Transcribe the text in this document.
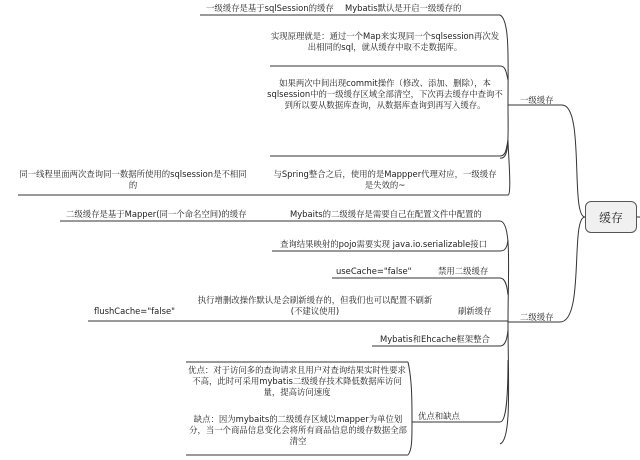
缓存
一级缓存
二级缓存
一级缓存是基于sqlSession的缓存 Mybatis默认是开启一级缓存的
实现原理就是：通过一个Map来实现同一个sqlsession再次发出相同的sql，就从缓存中取不走数据库。
如果两次中间出现commit操作（修改、添加、删除），本sqlsession中的一级缓存区域全部清空，下次再去缓存中查询不到所以要从数据库查询，从数据库查询到再写入缓存。
与Spring整合之后，使用的是Mappper代理对应，一级缓存是失效的~
同一线程里面两次查询同一数据所使用的sqlsession是不相同的
二级缓存是基于Mapper(同一个命名空间)的缓存	Mybaits的二级缓存是需要自己在配置文件中配置的
查询结果映射的pojo需要实现 java.io.serializable接口
useCache="false"	禁用二级缓存
执行增删改操作默认是会刷新缓存的，但我们也可以配置不刷新(不建议使用)	刷新缓存
flushCache="false"
Mybatis和Ehcache框架整合
优点和缺点
优点：对于访问多的查询请求且用户对查询结果实时性要求不高，此时可采用mybatis二级缓存技术降低数据库访问量，提高访问速度
缺点：因为mybaits的二级缓存区域以mapper为单位划分，当一个商品信息变化会将所有商品信息的缓存数据全部清空
